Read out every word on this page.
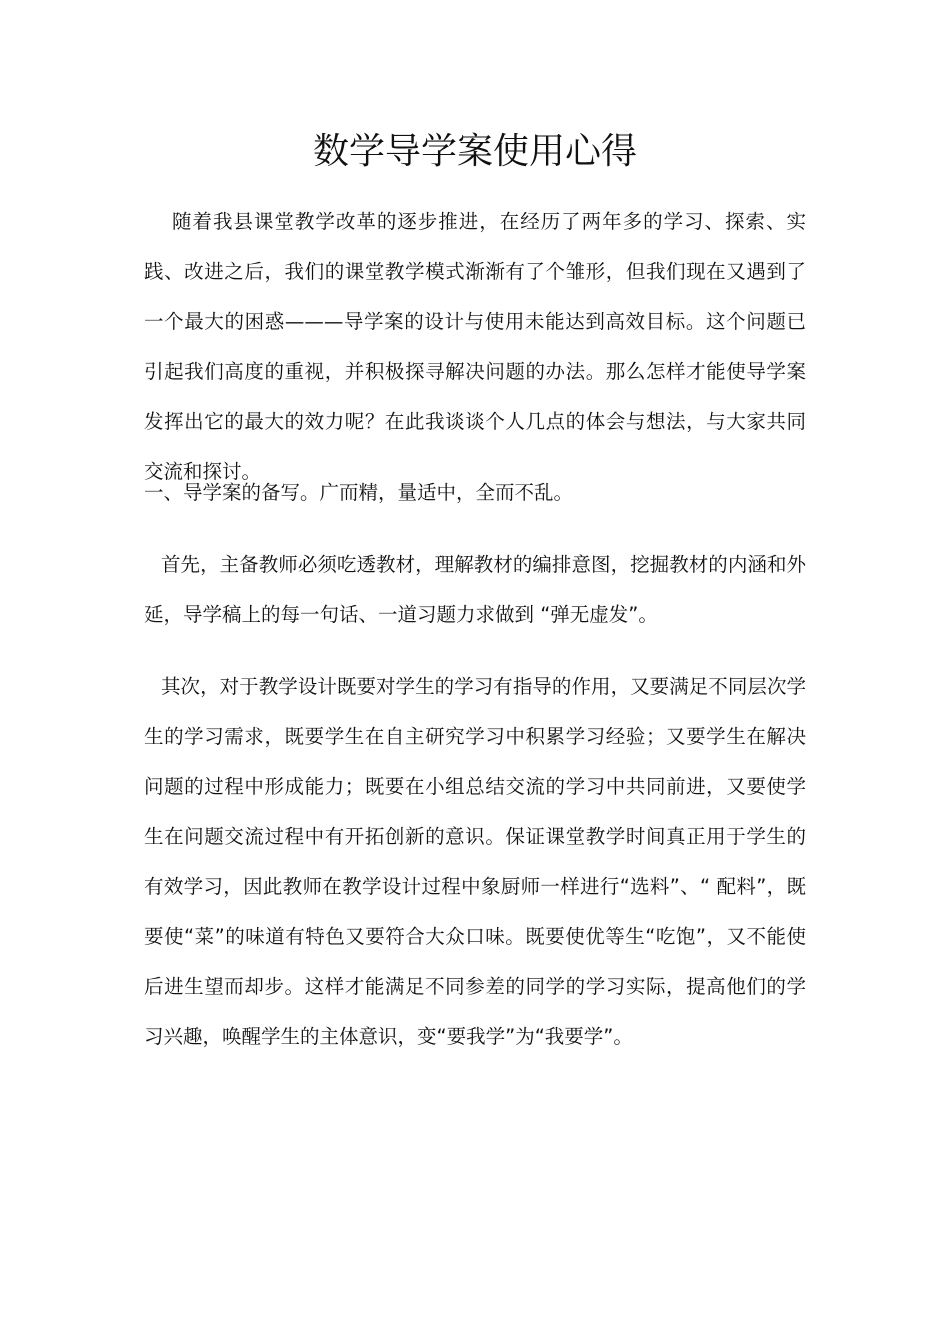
数学导学案使用心得

随着我县课堂教学改革的逐步推进，在经历了两年多的学习、探索、实践、改进之后，我们的课堂教学模式渐渐有了个雏形，但我们现在又遇到了一个最大的困惑———导学案的设计与使用未能达到高效目标。这个问题已引起我们高度的重视，并积极探寻解决问题的办法。那么怎样才能使导学案发挥出它的最大的效力呢？在此我谈谈个人几点的体会与想法，与大家共同交流和探讨。

一、导学案的备写。广而精，量适中，全而不乱。

首先，主备教师必须吃透教材，理解教材的编排意图，挖掘教材的内涵和外延，导学稿上的每一句话、一道习题力求做到 “弹无虚发”。

其次，对于教学设计既要对学生的学习有指导的作用，又要满足不同层次学生的学习需求，既要学生在自主研究学习中积累学习经验；又要学生在解决问题的过程中形成能力；既要在小组总结交流的学习中共同前进，又要使学生在问题交流过程中有开拓创新的意识。保证课堂教学时间真正用于学生的有效学习，因此教师在教学设计过程中象厨师一样进行“选料”、“ 配料”，既要使“菜”的味道有特色又要符合大众口味。既要使优等生“吃饱”，又不能使后进生望而却步。这样才能满足不同参差的同学的学习实际，提高他们的学习兴趣，唤醒学生的主体意识，变“要我学”为“我要学”。
